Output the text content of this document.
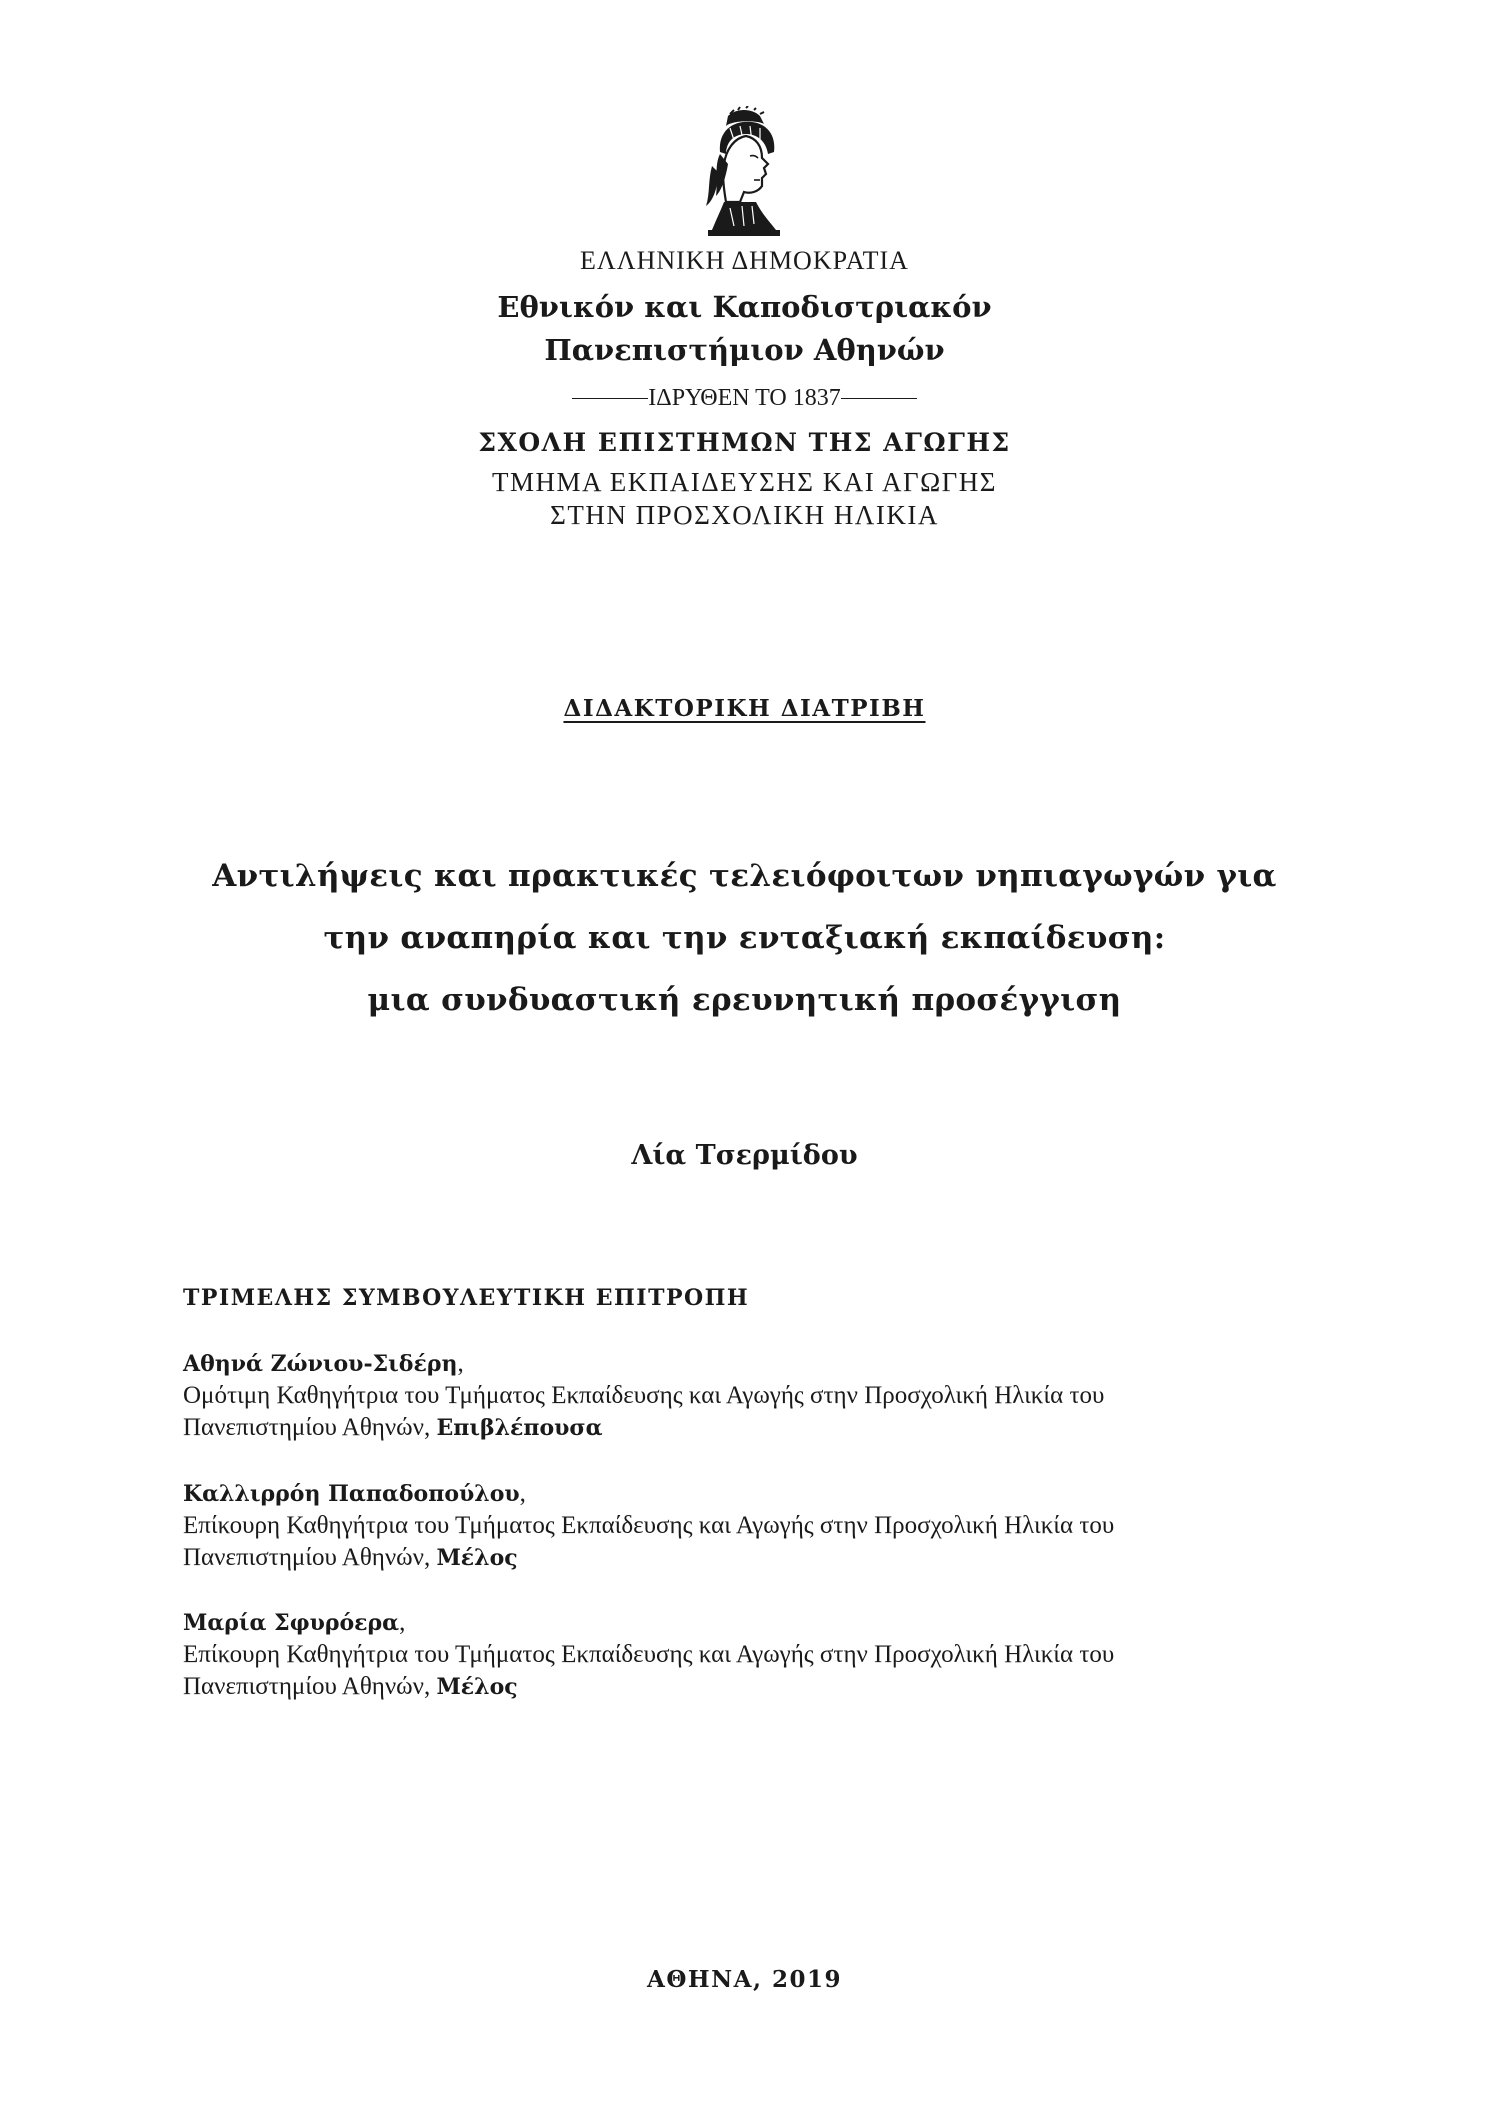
ΕΛΛΗΝΙΚΗ ΔΗΜΟΚΡΑΤΙΑ
Εθνικόν και Καποδιστριακόν
Πανεπιστήμιον Αθηνών
ΙΔΡΥΘΕΝ ΤΟ 1837
ΣΧΟΛΗ ΕΠΙΣΤΗΜΩΝ ΤΗΣ ΑΓΩΓΗΣ
ΤΜΗΜΑ ΕΚΠΑΙΔΕΥΣΗΣ ΚΑΙ ΑΓΩΓΗΣ
ΣΤΗΝ ΠΡΟΣΧΟΛΙΚΗ ΗΛΙΚΙΑ
ΔΙΔΑΚΤΟΡΙΚΗ ΔΙΑΤΡΙΒΗ
Αντιλήψεις και πρακτικές τελειόφοιτων νηπιαγωγών για
την αναπηρία και την ενταξιακή εκπαίδευση:
μια συνδυαστική ερευνητική προσέγγιση
Λία Τσερμίδου
ΤΡΙΜΕΛΗΣ ΣΥΜΒΟΥΛΕΥΤΙΚΗ ΕΠΙΤΡΟΠΗ
Αθηνά Ζώνιου-Σιδέρη,
Ομότιμη Καθηγήτρια του Τμήματος Εκπαίδευσης και Αγωγής στην Προσχολική Ηλικία του
Πανεπιστημίου Αθηνών, Επιβλέπουσα
Καλλιρρόη Παπαδοπούλου,
Επίκουρη Καθηγήτρια του Τμήματος Εκπαίδευσης και Αγωγής στην Προσχολική Ηλικία του
Πανεπιστημίου Αθηνών, Μέλος
Μαρία Σφυρόερα,
Επίκουρη Καθηγήτρια του Τμήματος Εκπαίδευσης και Αγωγής στην Προσχολική Ηλικία του
Πανεπιστημίου Αθηνών, Μέλος
ΑΘΗΝΑ, 2019
